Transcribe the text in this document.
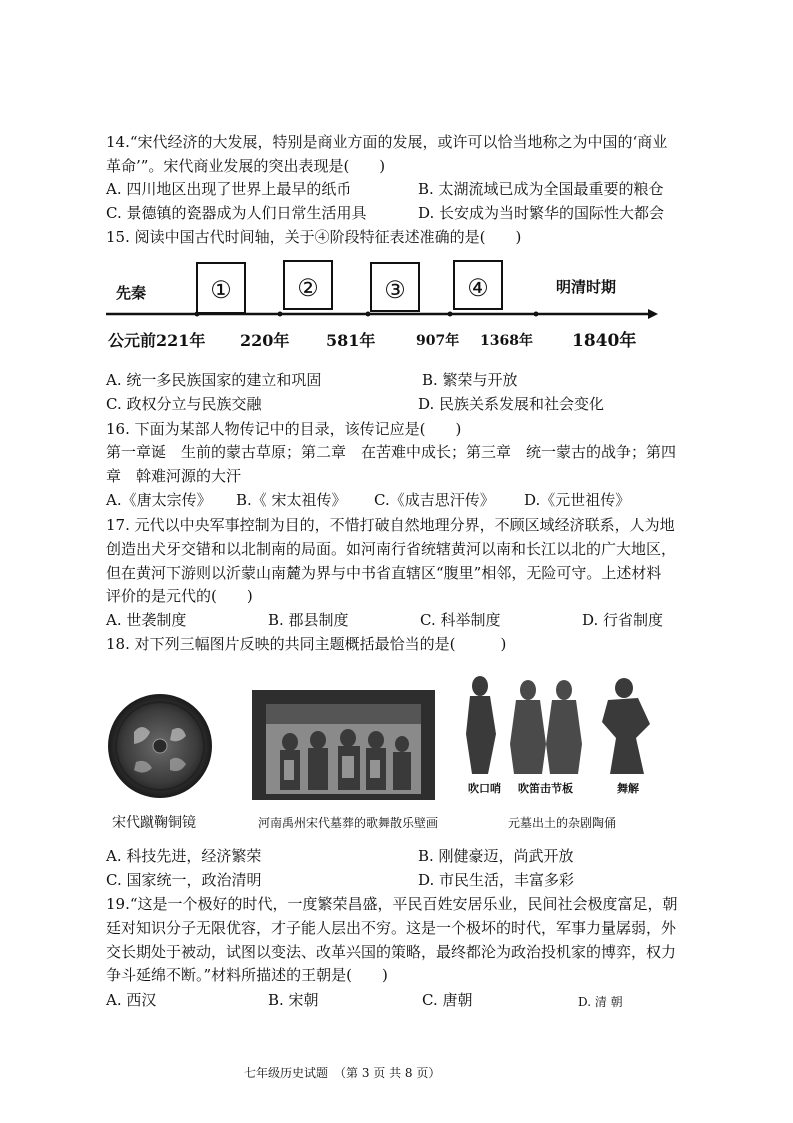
14.“宋代经济的大发展，特别是商业方面的发展，或许可以恰当地称之为中国的‘商业
革命’”。宋代商业发展的突出表现是(　　)
A. 四川地区出现了世界上最早的纸币	B. 太湖流域已成为全国最重要的粮仓
C. 景德镇的瓷器成为人们日常生活用具	D. 长安成为当时繁华的国际性大都会
15. 阅读中国古代时间轴，关于④阶段特征表述准确的是(　　)
先秦	明清时期
①	②	③	④
公元前221年 220年 581年	907年 1368年 1840年
A. 统一多民族国家的建立和巩固	B. 繁荣与开放
C. 政权分立与民族交融	D. 民族关系发展和社会变化
16. 下面为某部人物传记中的目录，该传记应是(　　)
第一章诞　生前的蒙古草原；第二章　在苦难中成长；第三章　统一蒙古的战争；第四
章　斡难河源的大汗
A.《唐太宗传》 B.《 宋太祖传》 C.《成吉思汗传》 D.《元世祖传》
17. 元代以中央军事控制为目的，不惜打破自然地理分界，不顾区域经济联系，人为地
创造出犬牙交错和以北制南的局面。如河南行省统辖黄河以南和长江以北的广大地区，
但在黄河下游则以沂蒙山南麓为界与中书省直辖区“腹里”相邻，无险可守。上述材料
评价的是元代的(　　)
A. 世袭制度	B. 郡县制度	C. 科举制度	D. 行省制度
18. 对下列三幅图片反映的共同主题概括最恰当的是(　　　)
宋代蹴鞠铜镜	河南禹州宋代墓葬的歌舞散乐壁画
吹口哨 吹笛击节板	舞解
元墓出土的杂剧陶俑
A. 科技先进，经济繁荣	B. 刚健豪迈，尚武开放
C. 国家统一，政治清明	D. 市民生活，丰富多彩
19.“这是一个极好的时代，一度繁荣昌盛，平民百姓安居乐业，民间社会极度富足，朝
廷对知识分子无限优容，才子能人层出不穷。这是一个极坏的时代，军事力量孱弱，外
交长期处于被动，试图以变法、改革兴国的策略，最终都沦为政治投机家的博弈，权力
争斗延绵不断。”材料所描述的王朝是(　　)
A. 西汉	B. 宋朝	C. 唐朝	D. 清 朝
七年级历史试题　（第 3 页 共 8 页）
